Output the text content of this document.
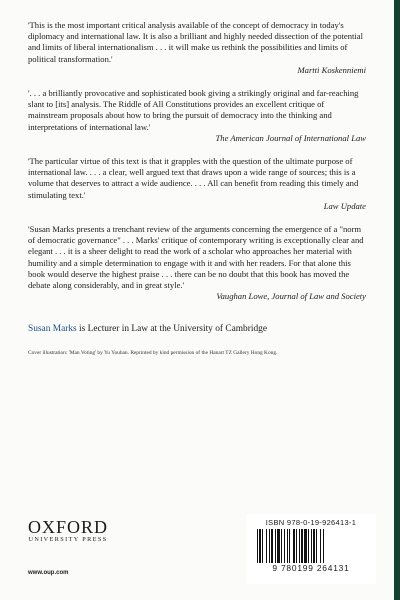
'This is the most important critical analysis available of the concept of democracy in today's diplomacy and international law. It is also a brilliant and highly needed dissection of the potential and limits of liberal internationalism . . . it will make us rethink the possibilities and limits of political transformation.'
Martti Koskenniemi

'. . . a brilliantly provocative and sophisticated book giving a strikingly original and far-reaching slant to [its] analysis. The Riddle of All Constitutions provides an excellent critique of mainstream proposals about how to bring the pursuit of democracy into the thinking and interpretations of international law.'
The American Journal of International Law

'The particular virtue of this text is that it grapples with the question of the ultimate purpose of international law. . . . a clear, well argued text that draws upon a wide range of sources; this is a volume that deserves to attract a wide audience. . . . All can benefit from reading this timely and stimulating text.'
Law Update

'Susan Marks presents a trenchant review of the arguments concerning the emergence of a "norm of democratic governance" . . . Marks' critique of contemporary writing is exceptionally clear and elegant . . . it is a sheer delight to read the work of a scholar who approaches her material with humility and a simple determination to engage with it and with her readers. For that alone this book would deserve the highest praise . . . there can be no doubt that this book has moved the debate along considerably, and in great style.'
Vaughan Lowe, Journal of Law and Society

Susan Marks is Lecturer in Law at the University of Cambridge
Cover illustration: 'Man Voting' by Yu Youhan. Reprinted by kind permission of the Hanart TZ Gallery Hong Kong.
OXFORD
UNIVERSITY PRESS
www.oup.com
ISBN 978-0-19-926413-1
9 780199 264131
